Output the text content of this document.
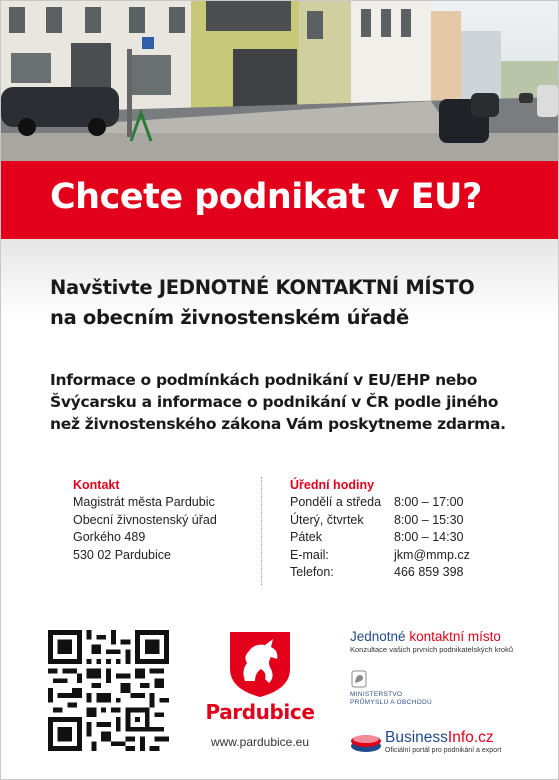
Chcete podnikat v EU?
Navštivte JEDNOTNÉ KONTAKTNÍ MÍSTO
na obecním živnostenském úřadě
Informace o podmínkách podnikání v EU/EHP nebo
Švýcarsku a informace o podnikání v ČR podle jiného
než živnostenského zákona Vám poskytneme zdarma.
Kontakt
Magistrát města Pardubic
Obecní živnostenský úřad
Gorkého 489
530 02 Pardubice
Úřední hodiny
Pondělí a středa	8:00 – 17:00
Úterý, čtvrtek	8:00 – 15:30
Pátek	8:00 – 14:30
E-mail:	jkm@mmp.cz
Telefon:	466 859 398
Pardubice
www.pardubice.eu
Jednotné kontaktní místo
Konzultace vašich prvních podnikatelských kroků
MINISTERSTVO
PRŮMYSLU A OBCHODU
BusinessInfo.cz
Oficiální portál pro podnikání a export
